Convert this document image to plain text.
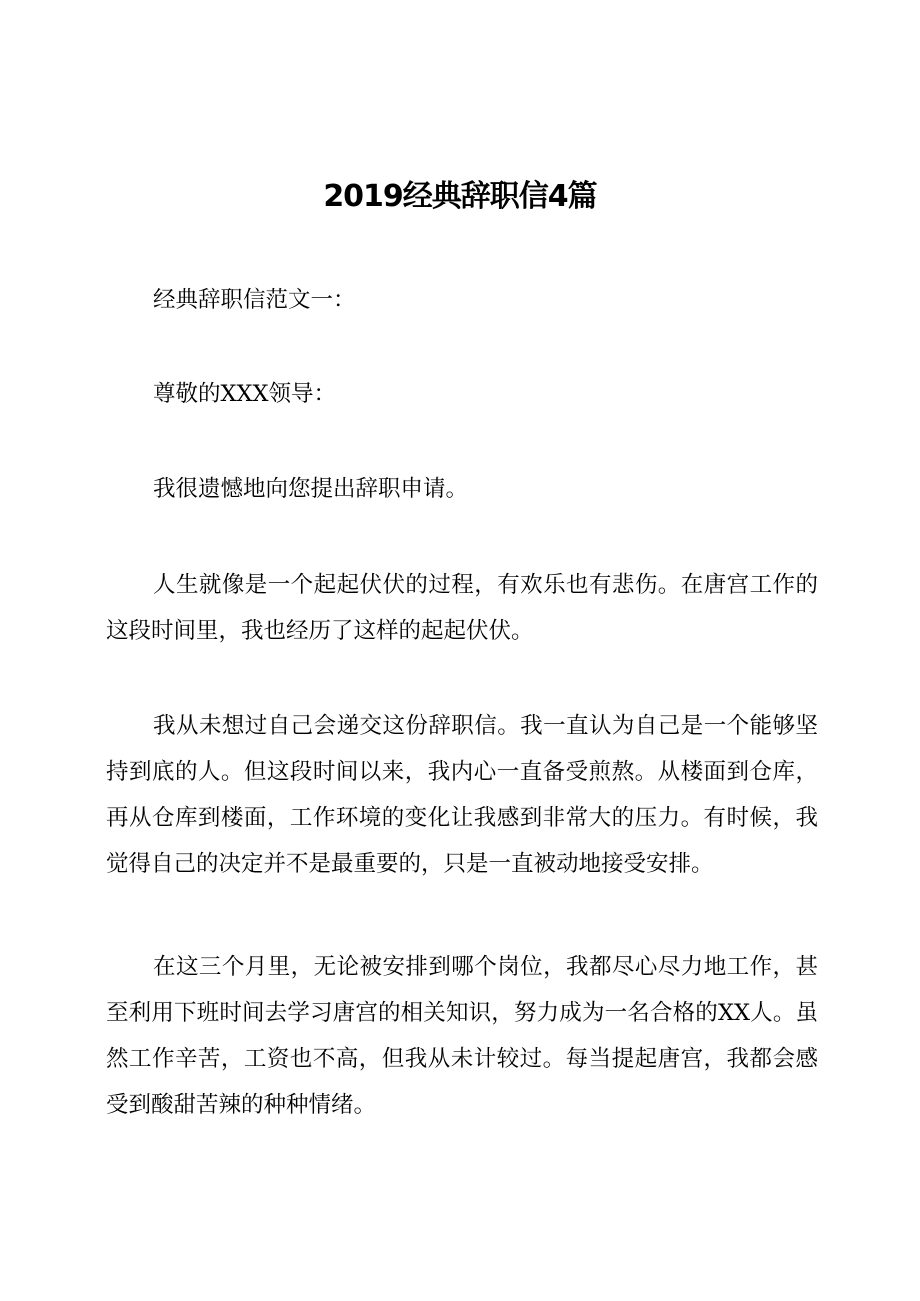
2019经典辞职信4篇

经典辞职信范文一：

尊敬的XXX领导：

我很遗憾地向您提出辞职申请。

人生就像是一个起起伏伏的过程，有欢乐也有悲伤。在唐宫工作的这段时间里，我也经历了这样的起起伏伏。

我从未想过自己会递交这份辞职信。我一直认为自己是一个能够坚持到底的人。但这段时间以来，我内心一直备受煎熬。从楼面到仓库，再从仓库到楼面，工作环境的变化让我感到非常大的压力。有时候，我觉得自己的决定并不是最重要的，只是一直被动地接受安排。

在这三个月里，无论被安排到哪个岗位，我都尽心尽力地工作，甚至利用下班时间去学习唐宫的相关知识，努力成为一名合格的XX人。虽然工作辛苦，工资也不高，但我从未计较过。每当提起唐宫，我都会感受到酸甜苦辣的种种情绪。
